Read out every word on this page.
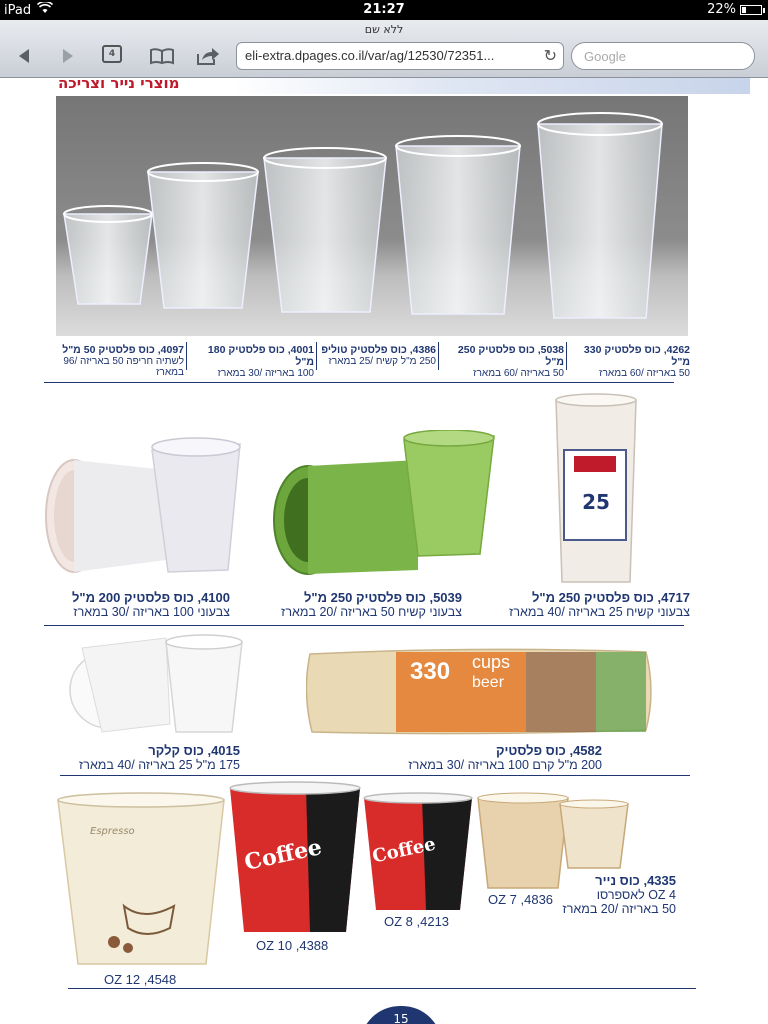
iPad	21:27	22%
ללא שם
4	eli-extra.dpages.co.il/var/ag/12530/72351...	↻	Google
מוצרי נייר וצריכה
4262, כוס פלסטיק 330 מ"ל
50 באריזה /60 במארז
5038, כוס פלסטיק 250 מ"ל
50 באריזה /60 במארז
4386, כוס פלסטיק טוליפ
250 מ"ל קשיח /25 במארז
4001, כוס פלסטיק 180 מ"ל
100 באריזה /30 במארז
4097, כוס פלסטיק 50 מ"ל
לשתיה חריפה 50 באריזה /96 במארז
25
4717, כוס פלסטיק 250 מ"ל
צבעוני קשיח 25 באריזה /40 במארז
5039, כוס פלסטיק 250 מ"ל
צבעוני קשיח 50 באריזה /20 במארז
4100, כוס פלסטיק 200 מ"ל
צבעוני 100 באריזה /30 במארז
cups
beer
330
4582, כוס פלסטיק
200 מ"ל קרם 100 באריזה /30 במארז
4015, כוס קלקר
175 מ"ל 25 באריזה /40 במארז
Espresso
Coffee	Coffee
4335, כוס נייר
4 OZ לאספרסו
50 באריזה /20 במארז
OZ 7 ,4836
OZ 8 ,4213
OZ 10 ,4388
OZ 12 ,4548
15
